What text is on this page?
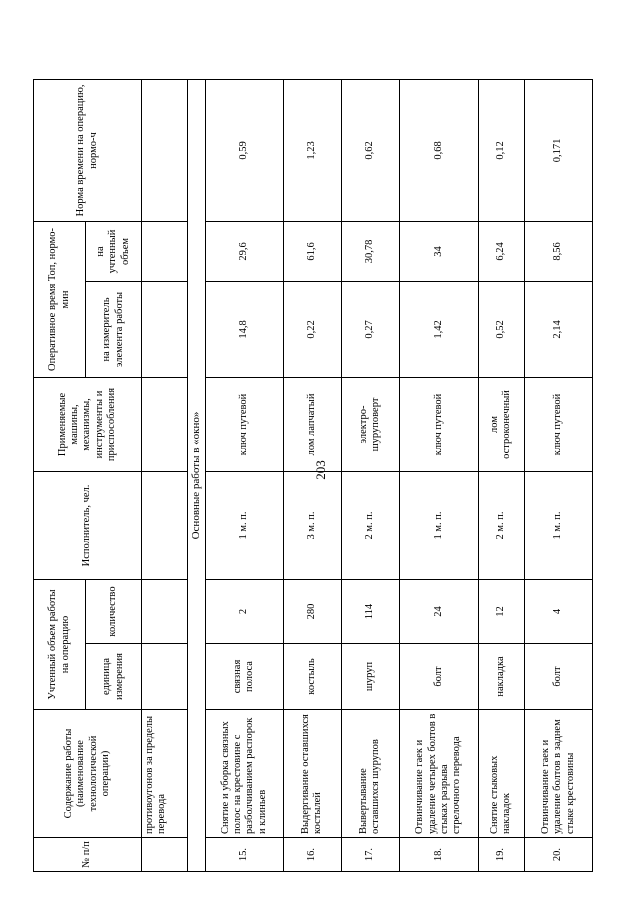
203
№ п/п	Содержание работы (наименование технологической операции)	Учтенный объем работы на операцию		Исполнитель, чел.	Применяемые машины, механизмы, инструменты и приспособления	Оперативное время Топ, нормо-мин		Норма времени на операцию, нормо-ч
		единица измерения	количество			на измеритель элемента работы	на учтенный объем	
	противоугонов за пределы перевода							
Основные работы в «окно»								
15.	Снятие и уборка связных полос на крестовине с разболчиванием распорок и клиньев	связная полоса	2	1 м. п.	ключ путевой	14,8	29,6	0,59
16.	Выдергивание оставшихся костылей	костыль	280	3 м. п.	лом лапчатый	0,22	61,6	1,23
17.	Вывертывание оставшихся шурупов	шуруп	114	2 м. п.	электро-шуруповерт	0,27	30,78	0,62
18.	Отвинчивание гаек и удаление четырех болтов в стыках разрыва стрелочного перевода	болт	24	1 м. п.	ключ путевой	1,42	34	0,68
19.	Снятие стыковых накладок	накладка	12	2 м. п.	лом остроконечный	0,52	6,24	0,12
20.	Отвинчивание гаек и удаление болтов в заднем стыке крестовины	болт	4	1 м. п.	ключ путевой	2,14	8,56	0,171
